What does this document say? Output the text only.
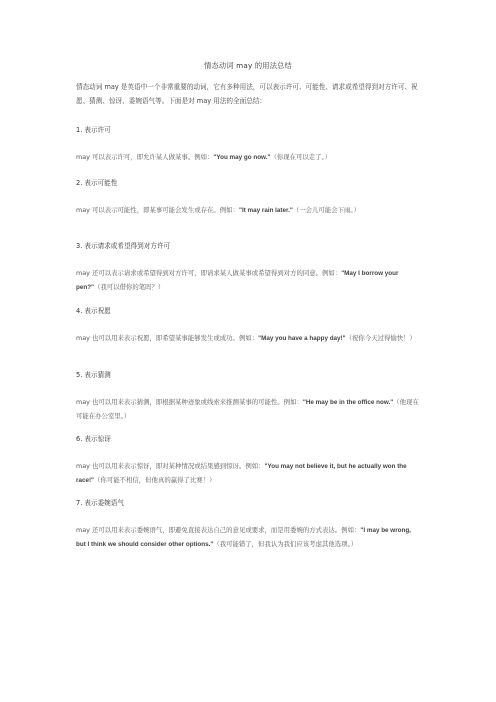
情态动词 may 的用法总结
情态动词 may 是英语中一个非常重要的动词，它有多种用法，可以表示许可、可能性、请求或希望得到对方许可、祝愿、猜测、惊讶、委婉语气等。下面是对 may 用法的全面总结：
1. 表示许可
may 可以表示许可，即允许某人做某事。例如："You may go now."（你现在可以走了。）
2. 表示可能性
may 可以表示可能性，即某事可能会发生或存在。例如："It may rain later."（一会儿可能会下雨。）
3. 表示请求或希望得到对方许可
may 还可以表示请求或希望得到对方许可，即请求某人做某事或希望得到对方的同意。例如："May I borrow your pen?"（我可以借你的笔吗？）
4. 表示祝愿
may 也可以用来表示祝愿，即希望某事能够发生或成功。例如："May you have a happy day!"（祝你今天过得愉快！）
5. 表示猜测
may 也可以用来表示猜测，即根据某种迹象或线索来推测某事的可能性。例如："He may be in the office now."（他现在可能在办公室里。）
6. 表示惊讶
may 也可以用来表示惊讶，即对某种情况或结果感到惊讶。例如："You may not believe it, but he actually won the race!"（你可能不相信，但他真的赢得了比赛！）
7. 表示委婉语气
may 还可以用来表示委婉语气，即避免直接表达自己的意见或要求，而是用委婉的方式表达。例如："I may be wrong, but I think we should consider other options."（我可能错了，但我认为我们应该考虑其他选项。）
